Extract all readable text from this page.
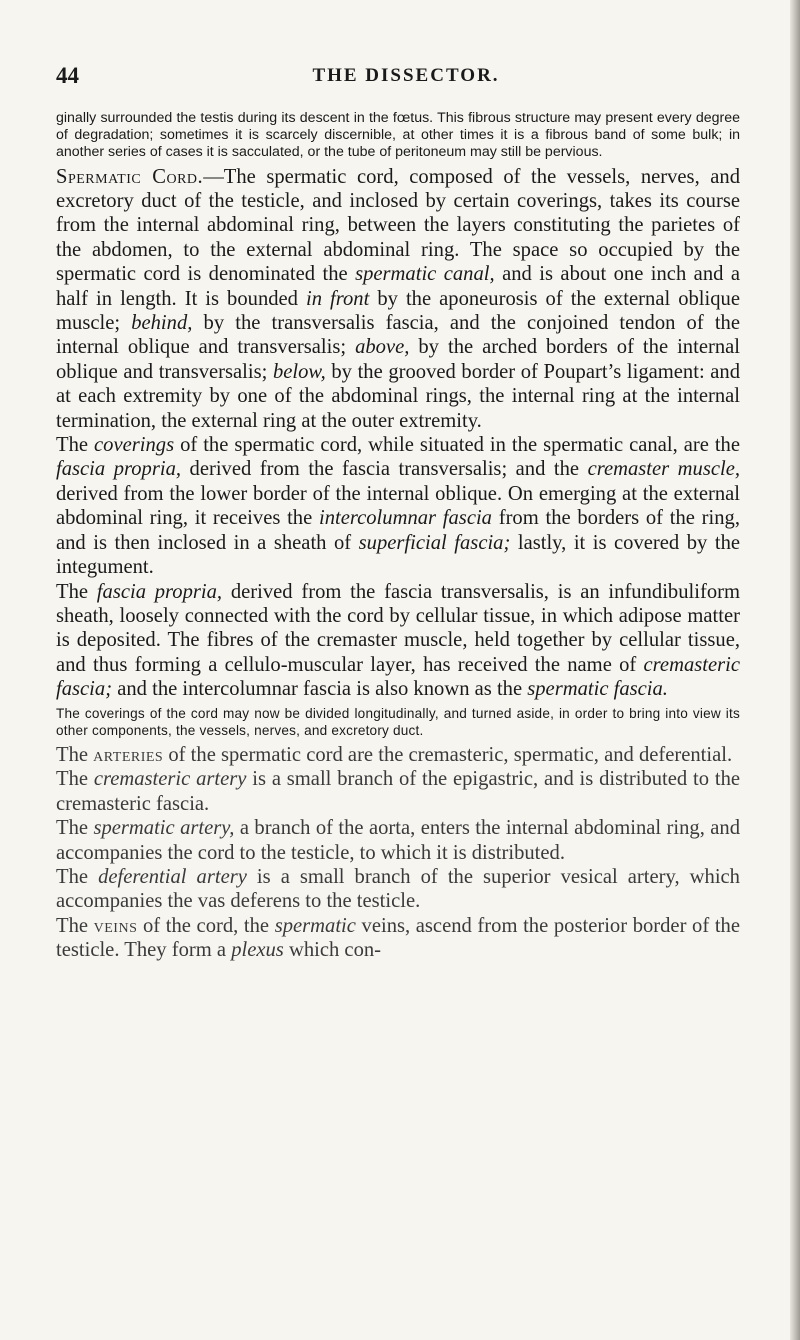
44	THE DISSECTOR.

ginally surrounded the testis during its descent in the fœtus. This fibrous structure may present every degree of degradation; sometimes it is scarcely discernible, at other times it is a fibrous band of some bulk; in another series of cases it is sacculated, or the tube of peritoneum may still be pervious.

Spermatic Cord.—The spermatic cord, composed of the vessels, nerves, and excretory duct of the testicle, and inclosed by certain coverings, takes its course from the internal abdominal ring, between the layers constituting the parietes of the abdomen, to the external abdominal ring. The space so occupied by the spermatic cord is denominated the spermatic canal, and is about one inch and a half in length. It is bounded in front by the aponeurosis of the external oblique muscle; behind, by the transversalis fascia, and the conjoined tendon of the internal oblique and transversalis; above, by the arched borders of the internal oblique and transversalis; below, by the grooved border of Poupart’s ligament: and at each extremity by one of the abdominal rings, the internal ring at the internal termination, the external ring at the outer extremity.

The coverings of the spermatic cord, while situated in the spermatic canal, are the fascia propria, derived from the fascia transversalis; and the cremaster muscle, derived from the lower border of the internal oblique. On emerging at the external abdominal ring, it receives the intercolumnar fascia from the borders of the ring, and is then inclosed in a sheath of superficial fascia; lastly, it is covered by the integument.

The fascia propria, derived from the fascia transversalis, is an infundibuliform sheath, loosely connected with the cord by cellular tissue, in which adipose matter is deposited. The fibres of the cremaster muscle, held together by cellular tissue, and thus forming a cellulo-muscular layer, has received the name of cremasteric fascia; and the intercolumnar fascia is also known as the spermatic fascia.

The coverings of the cord may now be divided longitudinally, and turned aside, in order to bring into view its other components, the vessels, nerves, and excretory duct.

The arteries of the spermatic cord are the cremasteric, spermatic, and deferential.

The cremasteric artery is a small branch of the epigastric, and is distributed to the cremasteric fascia.

The spermatic artery, a branch of the aorta, enters the internal abdominal ring, and accompanies the cord to the testicle, to which it is distributed.

The deferential artery is a small branch of the superior vesical artery, which accompanies the vas deferens to the testicle.

The veins of the cord, the spermatic veins, ascend from the posterior border of the testicle. They form a plexus which con-
